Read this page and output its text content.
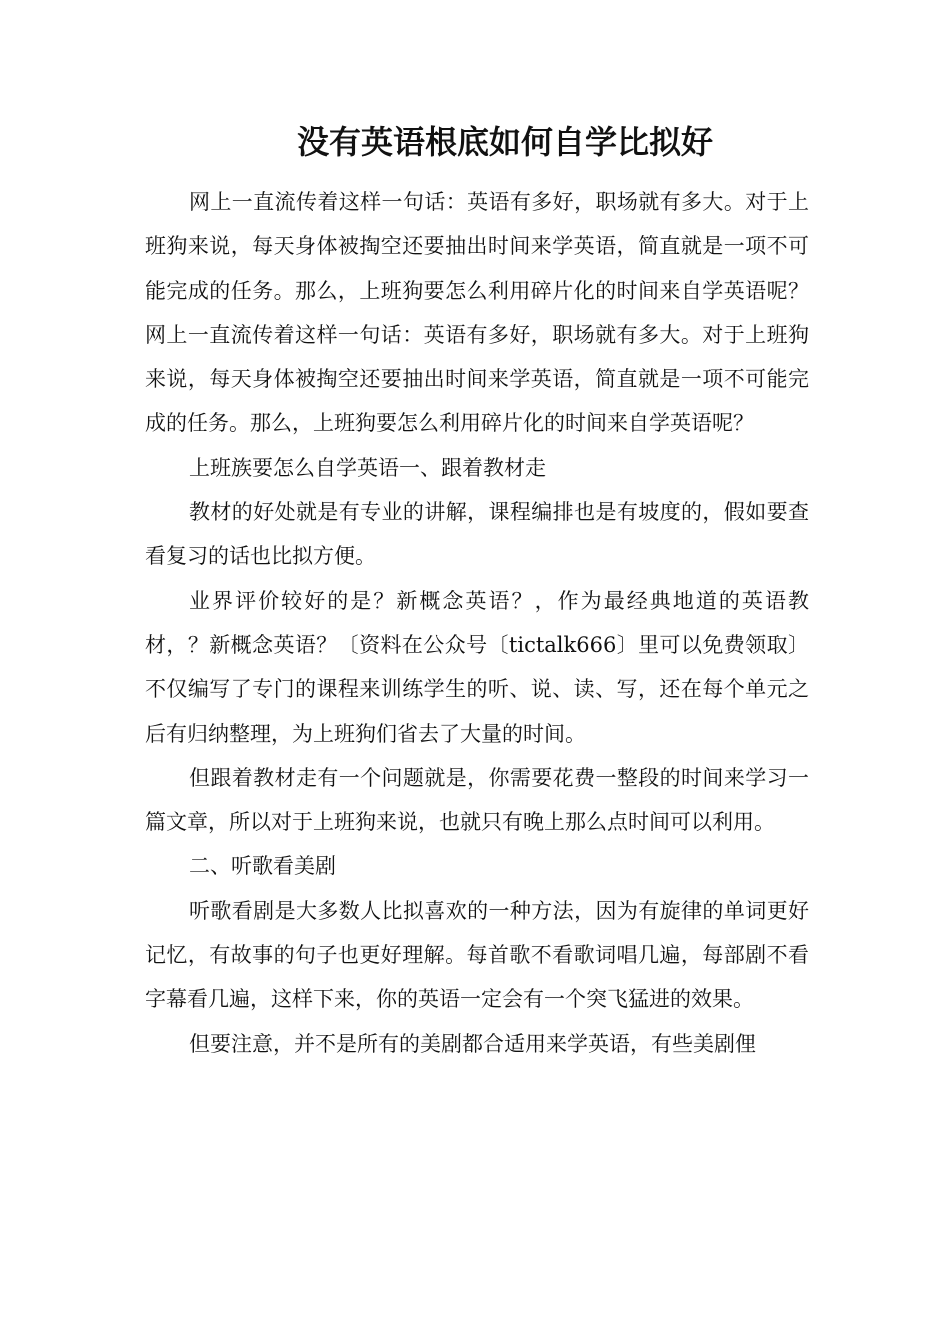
没有英语根底如何自学比拟好

网上一直流传着这样一句话：英语有多好，职场就有多大。对于上班狗来说，每天身体被掏空还要抽出时间来学英语，简直就是一项不可能完成的任务。那么，上班狗要怎么利用碎片化的时间来自学英语呢？网上一直流传着这样一句话：英语有多好，职场就有多大。对于上班狗来说，每天身体被掏空还要抽出时间来学英语，简直就是一项不可能完成的任务。那么，上班狗要怎么利用碎片化的时间来自学英语呢？

上班族要怎么自学英语一、跟着教材走

教材的好处就是有专业的讲解，课程编排也是有坡度的，假如要查看复习的话也比拟方便。

业界评价较好的是？新概念英语？，作为最经典地道的英语教材，？新概念英语？〔资料在公众号〔tictalk666〕里可以免费领取〕不仅编写了专门的课程来训练学生的听、说、读、写，还在每个单元之后有归纳整理，为上班狗们省去了大量的时间。

但跟着教材走有一个问题就是，你需要花费一整段的时间来学习一篇文章，所以对于上班狗来说，也就只有晚上那么点时间可以利用。

二、听歌看美剧

听歌看剧是大多数人比拟喜欢的一种方法，因为有旋律的单词更好记忆，有故事的句子也更好理解。每首歌不看歌词唱几遍，每部剧不看字幕看几遍，这样下来，你的英语一定会有一个突飞猛进的效果。

但要注意，并不是所有的美剧都合适用来学英语，有些美剧俚
